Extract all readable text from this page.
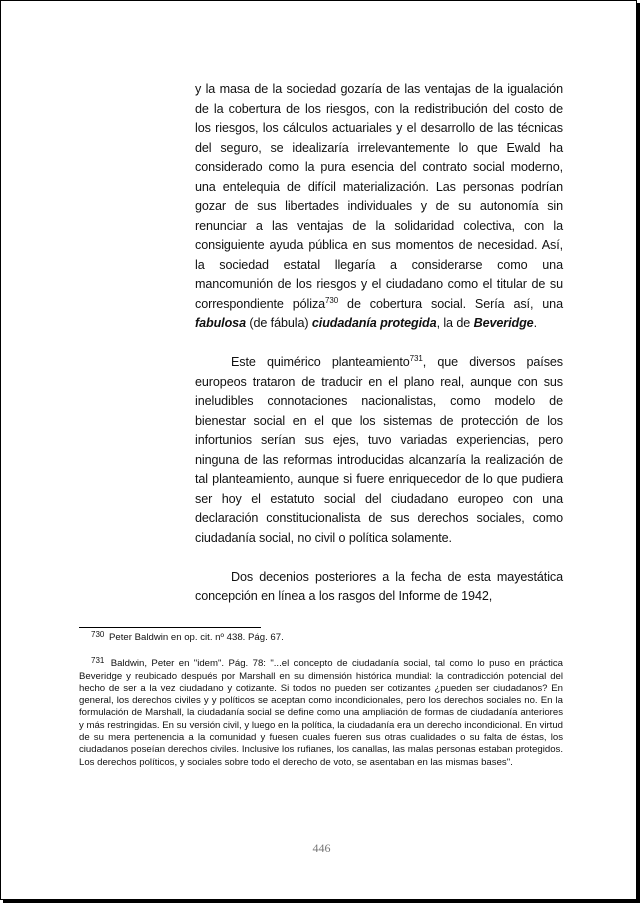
y la masa de la sociedad gozaría de las ventajas de la igualación de la cobertura de los riesgos, con la redistribución del costo de los riesgos, los cálculos actuariales y el desarrollo de las técnicas del seguro, se idealizaría irrelevantemente lo que Ewald ha considerado como la pura esencia del contrato social moderno, una entelequia de difícil materialización. Las personas podrían gozar de sus libertades individuales y de su autonomía sin renunciar a las ventajas de la solidaridad colectiva, con la consiguiente ayuda pública en sus momentos de necesidad. Así, la sociedad estatal llegaría a considerarse como una mancomunión de los riesgos y el ciudadano como el titular de su correspondiente póliza$^{730}$ de cobertura social. Sería así, una fabulosa (de fábula) ciudadanía protegida, la de Beveridge.

Este quimérico planteamiento$^{731}$, que diversos países europeos trataron de traducir en el plano real, aunque con sus ineludibles connotaciones nacionalistas, como modelo de bienestar social en el que los sistemas de protección de los infortunios serían sus ejes, tuvo variadas experiencias, pero ninguna de las reformas introducidas alcanzaría la realización de tal planteamiento, aunque si fuere enriquecedor de lo que pudiera ser hoy el estatuto social del ciudadano europeo con una declaración constitucionalista de sus derechos sociales, como ciudadanía social, no civil o política solamente.

Dos decenios posteriores a la fecha de esta mayestática concepción en línea a los rasgos del Informe de 1942,

$^{730}$ Peter Baldwin en op. cit. nº 438. Pág. 67.

$^{731}$ Baldwin, Peter en "idem". Pág. 78: "...el concepto de ciudadanía social, tal como lo puso en práctica Beveridge y reubicado después por Marshall en su dimensión histórica mundial: la contradicción potencial del hecho de ser a la vez ciudadano y cotizante. Si todos no pueden ser cotizantes ¿pueden ser ciudadanos? En general, los derechos civiles y y políticos se aceptan como incondicionales, pero los derechos sociales no. En la formulación de Marshall, la ciudadanía social se define como una ampliación de formas de ciudadanía anteriores y más restringidas. En su versión civil, y luego en la política, la ciudadanía era un derecho incondicional. En virtud de su mera pertenencia a la comunidad y fuesen cuales fueren sus otras cualidades o su falta de éstas, los ciudadanos poseían derechos civiles. Inclusive los rufianes, los canallas, las malas personas estaban protegidos. Los derechos políticos, y sociales sobre todo el derecho de voto, se asentaban en las mismas bases".

446
